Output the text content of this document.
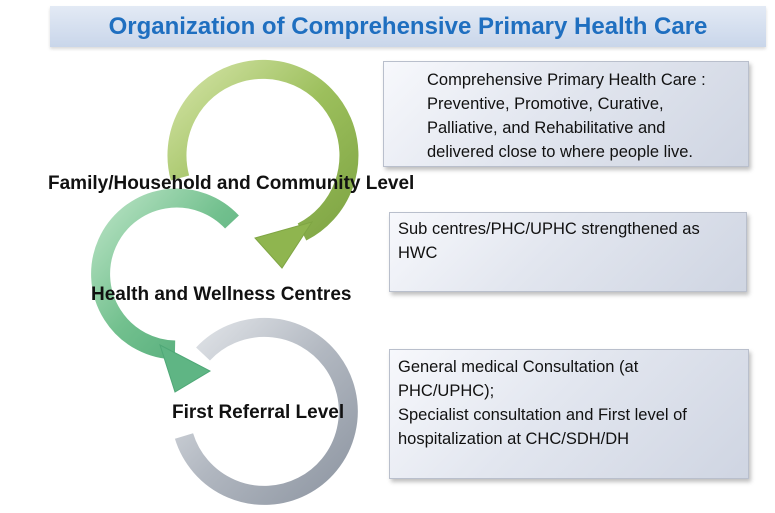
Organization of Comprehensive Primary Health Care
Family/Household and Community Level
Health and Wellness Centres
First Referral Level
Comprehensive Primary Health Care :
Preventive, Promotive, Curative,
Palliative, and Rehabilitative and
delivered close to where people live.
Sub centres/PHC/UPHC strengthened as
HWC
General medical Consultation (at
PHC/UPHC);
Specialist consultation and First level of
hospitalization at CHC/SDH/DH
